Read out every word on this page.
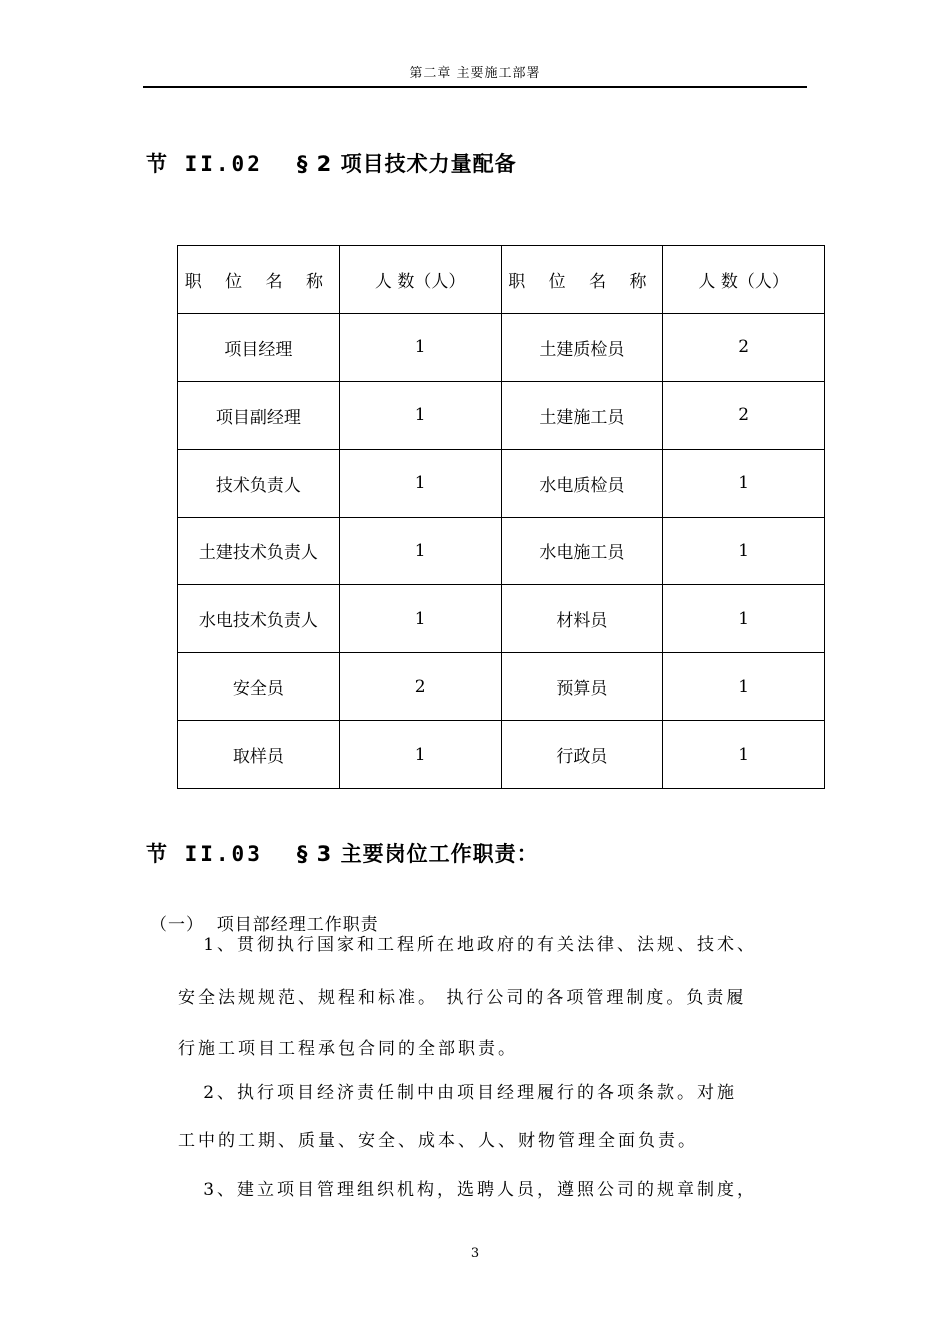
第二章 主要施工部署
节 II.02 § 2 项目技术力量配备
职 位 名 称	人 数（人）	职 位 名 称	人 数（人）
项目经理	1	土建质检员	2
项目副经理	1	土建施工员	2
技术负责人	1	水电质检员	1
土建技术负责人	1	水电施工员	1
水电技术负责人	1	材料员	1
安全员	2	预算员	1
取样员	1	行政员	1
节 II.03 § 3 主要岗位工作职责：
（一）  项目部经理工作职责
1、贯彻执行国家和工程所在地政府的有关法律、法规、技术、
安全法规规范、规程和标准。 执行公司的各项管理制度。负责履
行施工项目工程承包合同的全部职责。
2、执行项目经济责任制中由项目经理履行的各项条款。对施
工中的工期、质量、安全、成本、人、财物管理全面负责。
3、建立项目管理组织机构，选聘人员，遵照公司的规章制度，
3
